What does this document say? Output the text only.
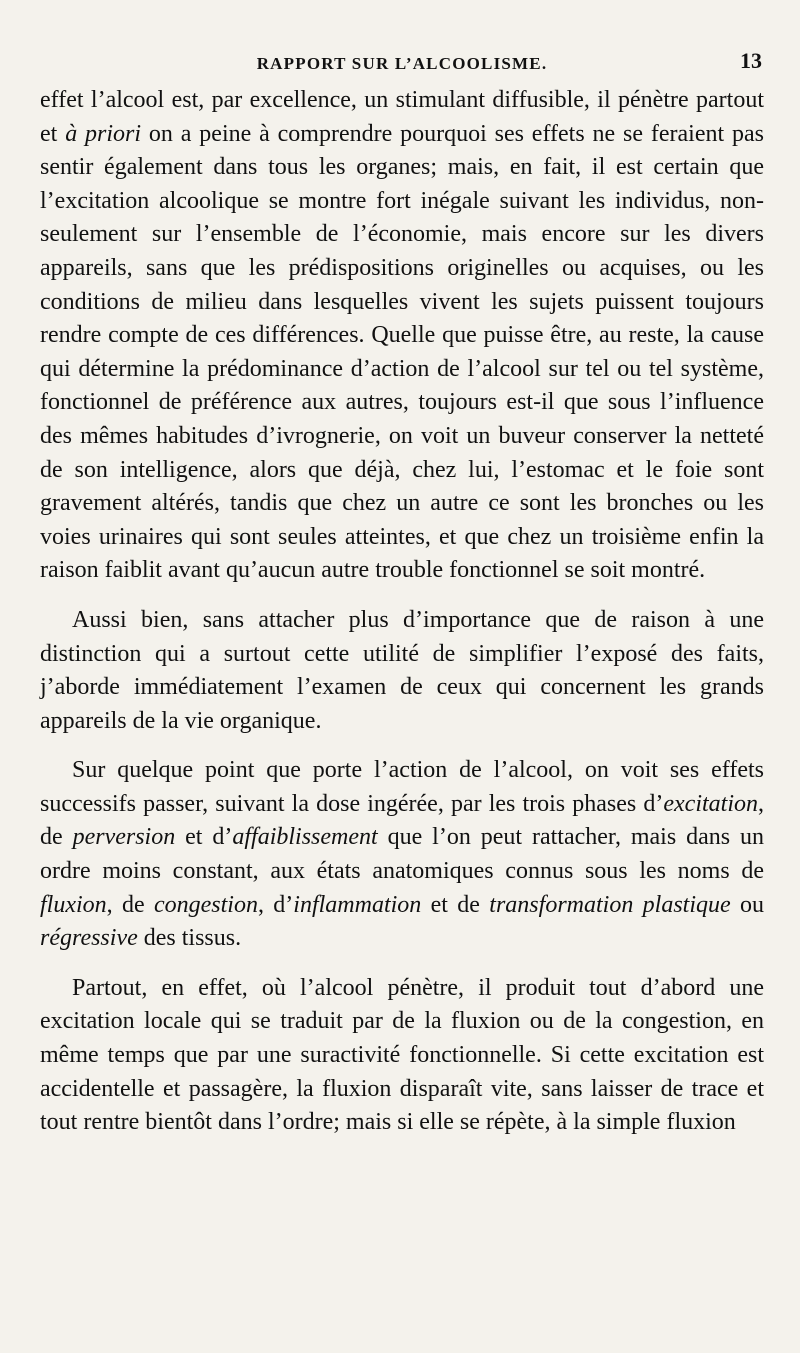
RAPPORT SUR L’ALCOOLISME.	13

effet l’alcool est, par excellence, un stimulant diffusible, il pénètre partout et à priori on a peine à comprendre pourquoi ses effets ne se feraient pas sentir également dans tous les organes; mais, en fait, il est certain que l’excitation alcoolique se montre fort inégale suivant les individus, non-seulement sur l’ensemble de l’économie, mais encore sur les divers appareils, sans que les prédispositions originelles ou acquises, ou les conditions de milieu dans lesquelles vivent les sujets puissent toujours rendre compte de ces différences. Quelle que puisse être, au reste, la cause qui détermine la prédominance d’action de l’alcool sur tel ou tel système, fonctionnel de préférence aux autres, toujours est-il que sous l’influence des mêmes habitudes d’ivrognerie, on voit un buveur conserver la netteté de son intelligence, alors que déjà, chez lui, l’estomac et le foie sont gravement altérés, tandis que chez un autre ce sont les bronches ou les voies urinaires qui sont seules atteintes, et que chez un troisième enfin la raison faiblit avant qu’aucun autre trouble fonctionnel se soit montré.

Aussi bien, sans attacher plus d’importance que de raison à une distinction qui a surtout cette utilité de simplifier l’exposé des faits, j’aborde immédiatement l’examen de ceux qui concernent les grands appareils de la vie organique.

Sur quelque point que porte l’action de l’alcool, on voit ses effets successifs passer, suivant la dose ingérée, par les trois phases d’excitation, de perversion et d’affaiblissement que l’on peut rattacher, mais dans un ordre moins constant, aux états anatomiques connus sous les noms de fluxion, de congestion, d’inflammation et de transformation plastique ou régressive des tissus.

Partout, en effet, où l’alcool pénètre, il produit tout d’abord une excitation locale qui se traduit par de la fluxion ou de la congestion, en même temps que par une suractivité fonctionnelle. Si cette excitation est accidentelle et passagère, la fluxion disparaît vite, sans laisser de trace et tout rentre bientôt dans l’ordre; mais si elle se répète, à la simple fluxion
